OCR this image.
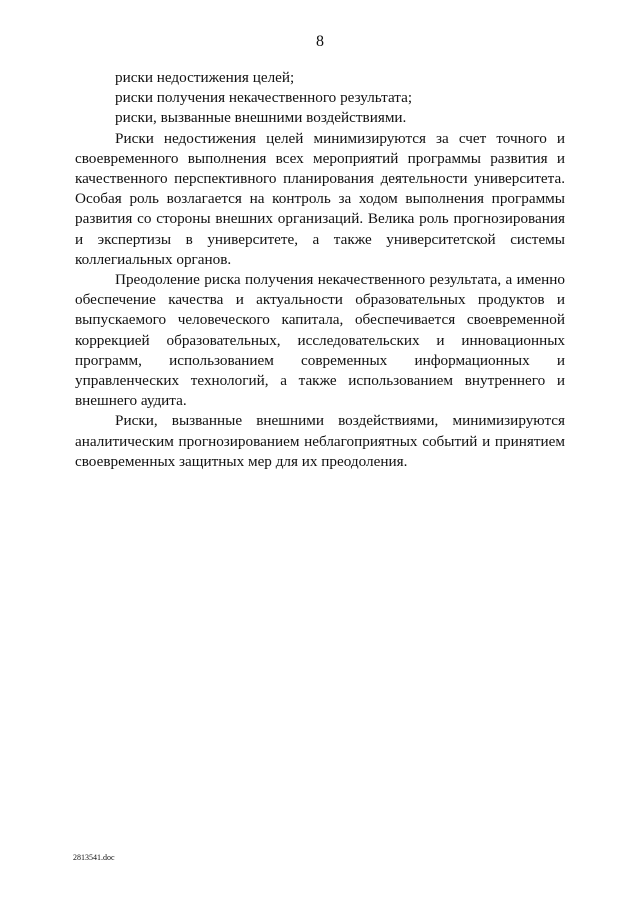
8

риски недостижения целей;

риски получения некачественного результата;

риски, вызванные внешними воздействиями.

Риски недостижения целей минимизируются за счет точного и своевременного выполнения всех мероприятий программы развития и качественного перспективного планирования деятельности университета. Особая роль возлагается на контроль за ходом выполнения программы развития со стороны внешних организаций. Велика роль прогнозирования и экспертизы в университете, а также университетской системы коллегиальных органов.

Преодоление риска получения некачественного результата, а именно обеспечение качества и актуальности образовательных продуктов и выпускаемого человеческого капитала, обеспечивается своевременной коррекцией образовательных, исследовательских и инновационных программ, использованием современных информационных и управленческих технологий, а также использованием внутреннего и внешнего аудита.

Риски, вызванные внешними воздействиями, минимизируются аналитическим прогнозированием неблагоприятных событий и принятием своевременных защитных мер для их преодоления.

2813541.doc
